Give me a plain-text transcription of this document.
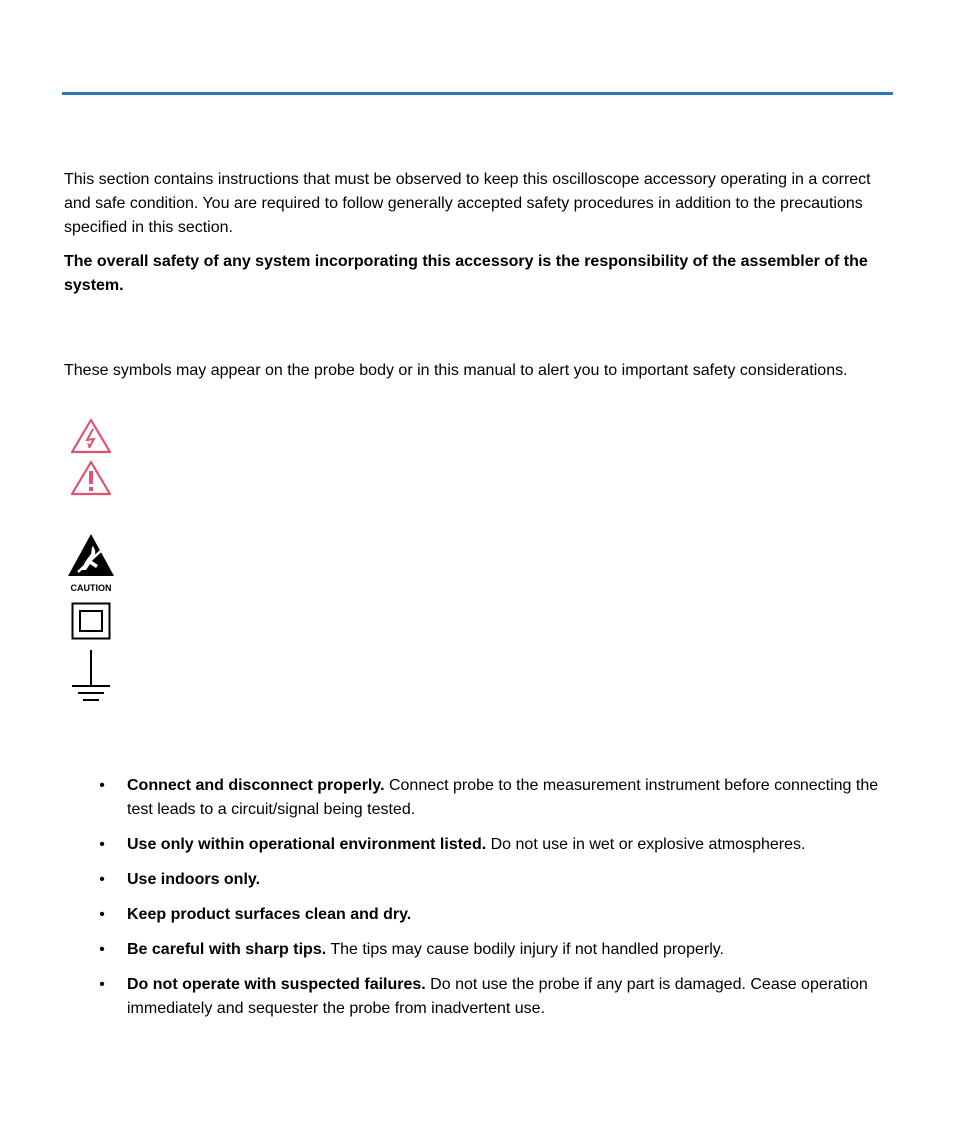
This section contains instructions that must be observed to keep this oscilloscope accessory operating in a correct and safe condition. You are required to follow generally accepted safety procedures in addition to the precautions specified in this section.

The overall safety of any system incorporating this accessory is the responsibility of the assembler of the system.

These symbols may appear on the probe body or in this manual to alert you to important safety considerations.

CAUTION
• Connect and disconnect properly. Connect probe to the measurement instrument before connecting the test leads to a circuit/signal being tested.
• Use only within operational environment listed. Do not use in wet or explosive atmospheres.
• Use indoors only.
• Keep product surfaces clean and dry.
• Be careful with sharp tips. The tips may cause bodily injury if not handled properly.
• Do not operate with suspected failures. Do not use the probe if any part is damaged. Cease operation immediately and sequester the probe from inadvertent use.
